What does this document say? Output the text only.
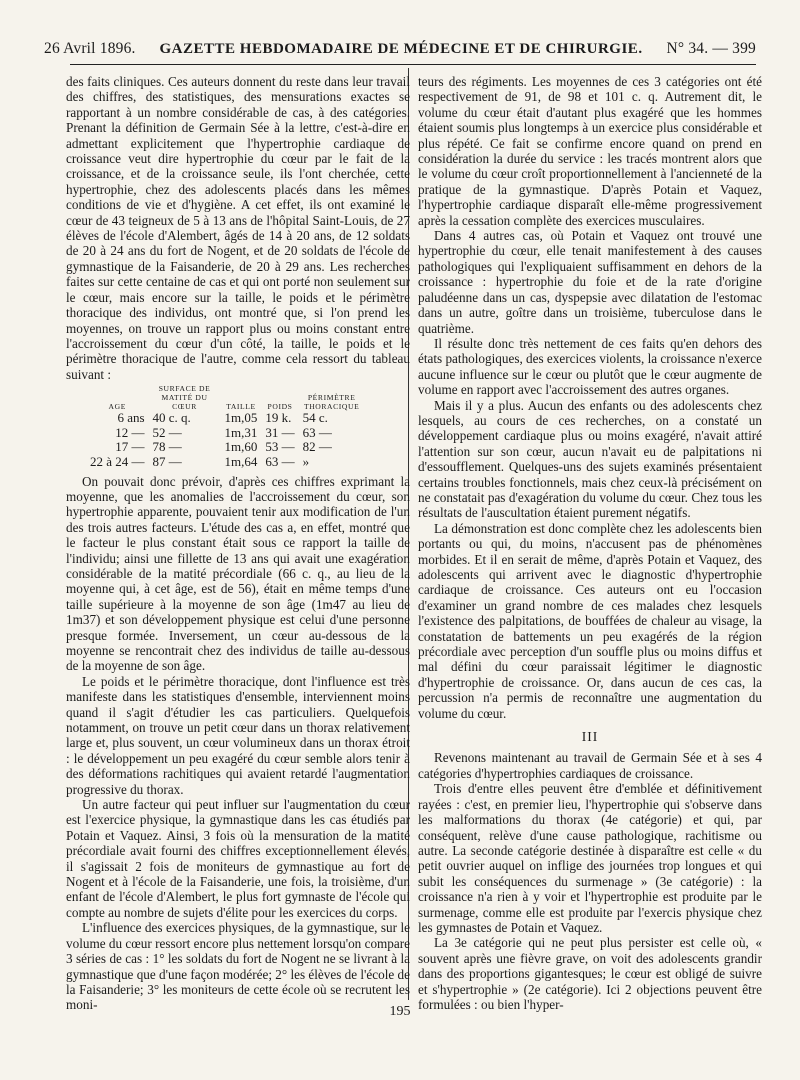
26 Avril 1896. GAZETTE HEBDOMADAIRE DE MÉDECINE ET DE CHIRURGIE. N° 34. — 399

des faits cliniques. Ces auteurs donnent du reste dans leur travail des chiffres, des statistiques, des mensurations exactes se rapportant à un nombre considérable de cas, à des catégories. Prenant la définition de Germain Sée à la lettre, c'est-à-dire en admettant explicitement que l'hypertrophie cardiaque de croissance veut dire hypertrophie du cœur par le fait de la croissance, et de la croissance seule, ils l'ont cherchée, cette hypertrophie, chez des adolescents placés dans les mêmes conditions de vie et d'hygiène. A cet effet, ils ont examiné le cœur de 43 teigneux de 5 à 13 ans de l'hôpital Saint-Louis, de 27 élèves de l'école d'Alembert, âgés de 14 à 20 ans, de 12 soldats de 20 à 24 ans du fort de Nogent, et de 20 soldats de l'école de gymnastique de la Faisanderie, de 20 à 29 ans. Les recherches faites sur cette centaine de cas et qui ont porté non seulement sur le cœur, mais encore sur la taille, le poids et le périmètre thoracique des individus, ont montré que, si l'on prend les moyennes, on trouve un rapport plus ou moins constant entre l'accroissement du cœur d'un côté, la taille, le poids et le périmètre thoracique de l'autre, comme cela ressort du tableau suivant :

AGE	SURFACE DE MATITÉ DU CŒUR	TAILLE	POIDS	PÉRIMÈTRE THORACIQUE
6 ans	40 c. q.	1m,05	19 k.	54 c.
12 —	52 —	1m,31	31 —	63 —
17 —	78 —	1m,60	53 —	82 —
22 à 24 —	87 —	1m,64	63 —	»

On pouvait donc prévoir, d'après ces chiffres exprimant la moyenne, que les anomalies de l'accroissement du cœur, son hypertrophie apparente, pouvaient tenir aux modification de l'un des trois autres facteurs. L'étude des cas a, en effet, montré que le facteur le plus constant était sous ce rapport la taille de l'individu; ainsi une fillette de 13 ans qui avait une exagération considérable de la matité précordiale (66 c. q., au lieu de la moyenne qui, à cet âge, est de 56), était en même temps d'une taille supérieure à la moyenne de son âge (1m47 au lieu de 1m37) et son développement physique est celui d'une personne presque formée. Inversement, un cœur au-dessous de la moyenne se rencontrait chez des individus de taille au-dessous de la moyenne de son âge.

Le poids et le périmètre thoracique, dont l'influence est très manifeste dans les statistiques d'ensemble, interviennent moins quand il s'agit d'étudier les cas particuliers. Quelquefois notamment, on trouve un petit cœur dans un thorax relativement large et, plus souvent, un cœur volumineux dans un thorax étroit : le développement un peu exagéré du cœur semble alors tenir à des déformations rachitiques qui avaient retardé l'augmentation progressive du thorax.

Un autre facteur qui peut influer sur l'augmentation du cœur est l'exercice physique, la gymnastique dans les cas étudiés par Potain et Vaquez. Ainsi, 3 fois où la mensuration de la matité précordiale avait fourni des chiffres exceptionnellement élevés, il s'agissait 2 fois de moniteurs de gymnastique au fort de Nogent et à l'école de la Faisanderie, une fois, la troisième, d'un enfant de l'école d'Alembert, le plus fort gymnaste de l'école qui compte au nombre de sujets d'élite pour les exercices du corps.

L'influence des exercices physiques, de la gymnastique, sur le volume du cœur ressort encore plus nettement lorsqu'on compare 3 séries de cas : 1° les soldats du fort de Nogent ne se livrant à la gymnastique que d'une façon modérée; 2° les élèves de l'école de la Faisanderie; 3° les moniteurs de cette école où se recrutent les moni-

teurs des régiments. Les moyennes de ces 3 catégories ont été respectivement de 91, de 98 et 101 c. q. Autrement dit, le volume du cœur était d'autant plus exagéré que les hommes étaient soumis plus longtemps à un exercice plus considérable et plus répété. Ce fait se confirme encore quand on prend en considération la durée du service : les tracés montrent alors que le volume du cœur croît proportionnellement à l'ancienneté de la pratique de la gymnastique. D'après Potain et Vaquez, l'hypertrophie cardiaque disparaît elle-même progressivement après la cessation complète des exercices musculaires.

Dans 4 autres cas, où Potain et Vaquez ont trouvé une hypertrophie du cœur, elle tenait manifestement à des causes pathologiques qui l'expliquaient suffisamment en dehors de la croissance : hypertrophie du foie et de la rate d'origine paludéenne dans un cas, dyspepsie avec dilatation de l'estomac dans un autre, goître dans un troisième, tuberculose dans le quatrième.

Il résulte donc très nettement de ces faits qu'en dehors des états pathologiques, des exercices violents, la croissance n'exerce aucune influence sur le cœur ou plutôt que le cœur augmente de volume en rapport avec l'accroissement des autres organes.

Mais il y a plus. Aucun des enfants ou des adolescents chez lesquels, au cours de ces recherches, on a constaté un développement cardiaque plus ou moins exagéré, n'avait attiré l'attention sur son cœur, aucun n'avait eu de palpitations ni d'essoufflement. Quelques-uns des sujets examinés présentaient certains troubles fonctionnels, mais chez ceux-là précisément on ne constatait pas d'exagération du volume du cœur. Chez tous les résultats de l'auscultation étaient purement négatifs.

La démonstration est donc complète chez les adolescents bien portants ou qui, du moins, n'accusent pas de phénomènes morbides. Et il en serait de même, d'après Potain et Vaquez, des adolescents qui arrivent avec le diagnostic d'hypertrophie cardiaque de croissance. Ces auteurs ont eu l'occasion d'examiner un grand nombre de ces malades chez lesquels l'existence des palpitations, de bouffées de chaleur au visage, la constatation de battements un peu exagérés de la région précordiale avec perception d'un souffle plus ou moins diffus et mal défini du cœur paraissait légitimer le diagnostic d'hypertrophie de croissance. Or, dans aucun de ces cas, la percussion n'a permis de reconnaître une augmentation du volume du cœur.

III

Revenons maintenant au travail de Germain Sée et à ses 4 catégories d'hypertrophies cardiaques de croissance.

Trois d'entre elles peuvent être d'emblée et définitivement rayées : c'est, en premier lieu, l'hypertrophie qui s'observe dans les malformations du thorax (4e catégorie) et qui, par conséquent, relève d'une cause pathologique, rachitisme ou autre. La seconde catégorie destinée à disparaître est celle « du petit ouvrier auquel on inflige des journées trop longues et qui subit les conséquences du surmenage » (3e catégorie) : la croissance n'a rien à y voir et l'hypertrophie est produite par le surmenage, comme elle est produite par l'exercis physique chez les gymnastes de Potain et Vaquez.

La 3e catégorie qui ne peut plus persister est celle où, « souvent après une fièvre grave, on voit des adolescents grandir dans des proportions gigantesques; le cœur est obligé de suivre et s'hypertrophie » (2e catégorie). Ici 2 objections peuvent être formulées : ou bien l'hyper-

195
